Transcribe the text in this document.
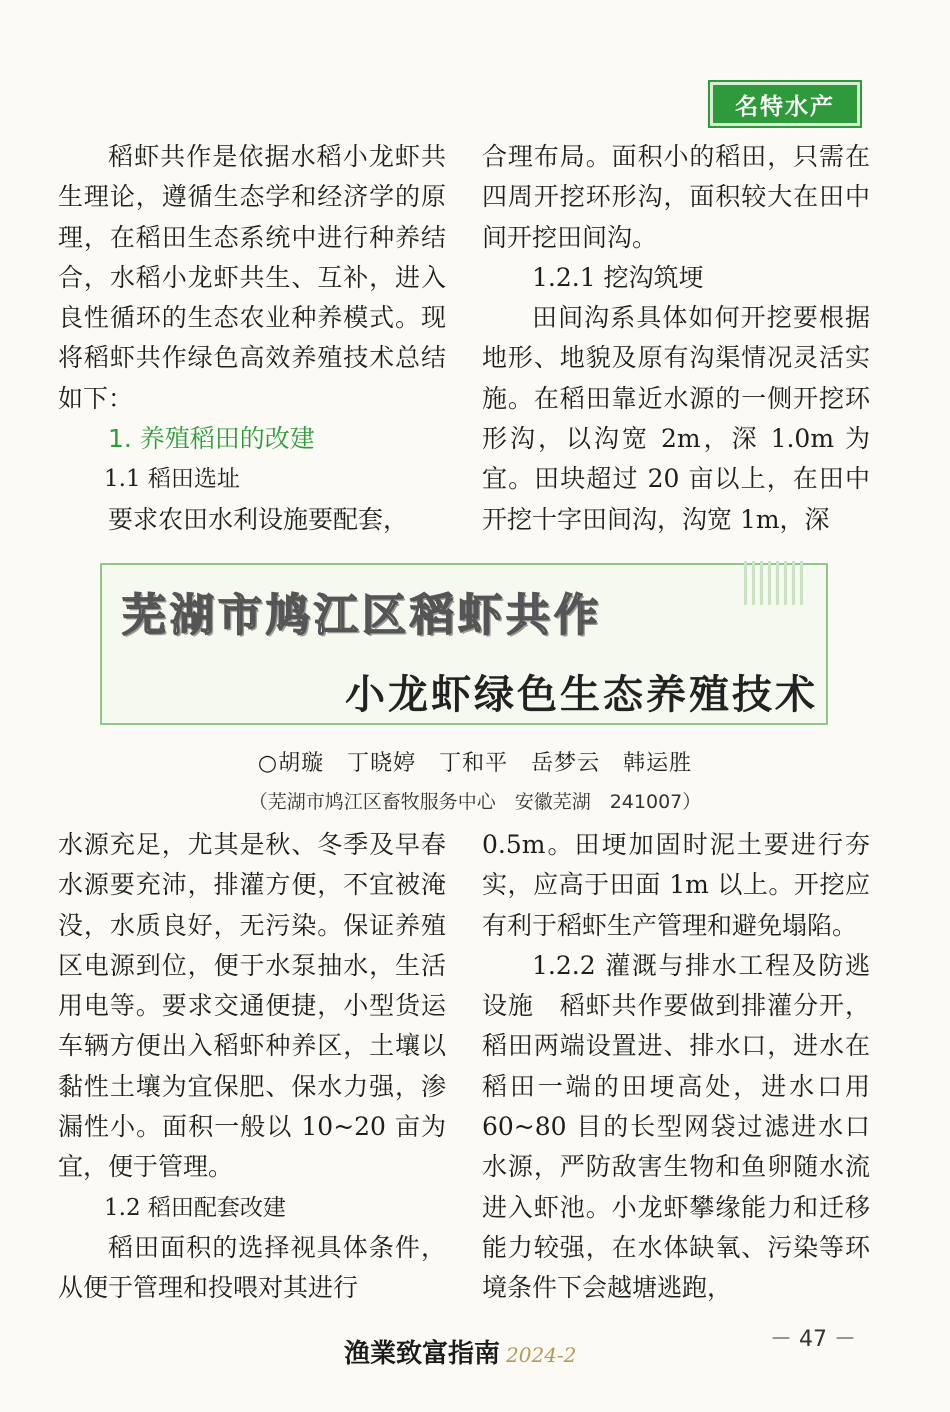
名特水产

稻虾共作是依据水稻小龙虾共生理论，遵循生态学和经济学的原理，在稻田生态系统中进行种养结合，水稻小龙虾共生、互补，进入良性循环的生态农业种养模式。现将稻虾共作绿色高效养殖技术总结如下：

1. 养殖稻田的改建

1.1 稻田选址

要求农田水利设施要配套，

合理布局。面积小的稻田，只需在四周开挖环形沟，面积较大在田中间开挖田间沟。

1.2.1 挖沟筑埂

田间沟系具体如何开挖要根据地形、地貌及原有沟渠情况灵活实施。在稻田靠近水源的一侧开挖环形沟，以沟宽 2m，深 1.0m 为宜。田块超过 20 亩以上，在田中开挖十字田间沟，沟宽 1m，深

芜湖市鸠江区稻虾共作
小龙虾绿色生态养殖技术
○胡璇　丁晓婷　丁和平　岳梦云　韩运胜
（芜湖市鸠江区畜牧服务中心　安徽芜湖　241007）

水源充足，尤其是秋、冬季及早春水源要充沛，排灌方便，不宜被淹没，水质良好，无污染。保证养殖区电源到位，便于水泵抽水，生活用电等。要求交通便捷，小型货运车辆方便出入稻虾种养区，土壤以黏性土壤为宜保肥、保水力强，渗漏性小。面积一般以 10~20 亩为宜，便于管理。

1.2 稻田配套改建

稻田面积的选择视具体条件，从便于管理和投喂对其进行

0.5m。田埂加固时泥土要进行夯实，应高于田面 1m 以上。开挖应有利于稻虾生产管理和避免塌陷。

1.2.2 灌溉与排水工程及防逃设施　稻虾共作要做到排灌分开，稻田两端设置进、排水口，进水在稻田一端的田埂高处，进水口用 60~80 目的长型网袋过滤进水口水源，严防敌害生物和鱼卵随水流进入虾池。小龙虾攀缘能力和迁移能力较强，在水体缺氧、污染等环境条件下会越塘逃跑，

渔業致富指南 2024-2
－ 47 －
